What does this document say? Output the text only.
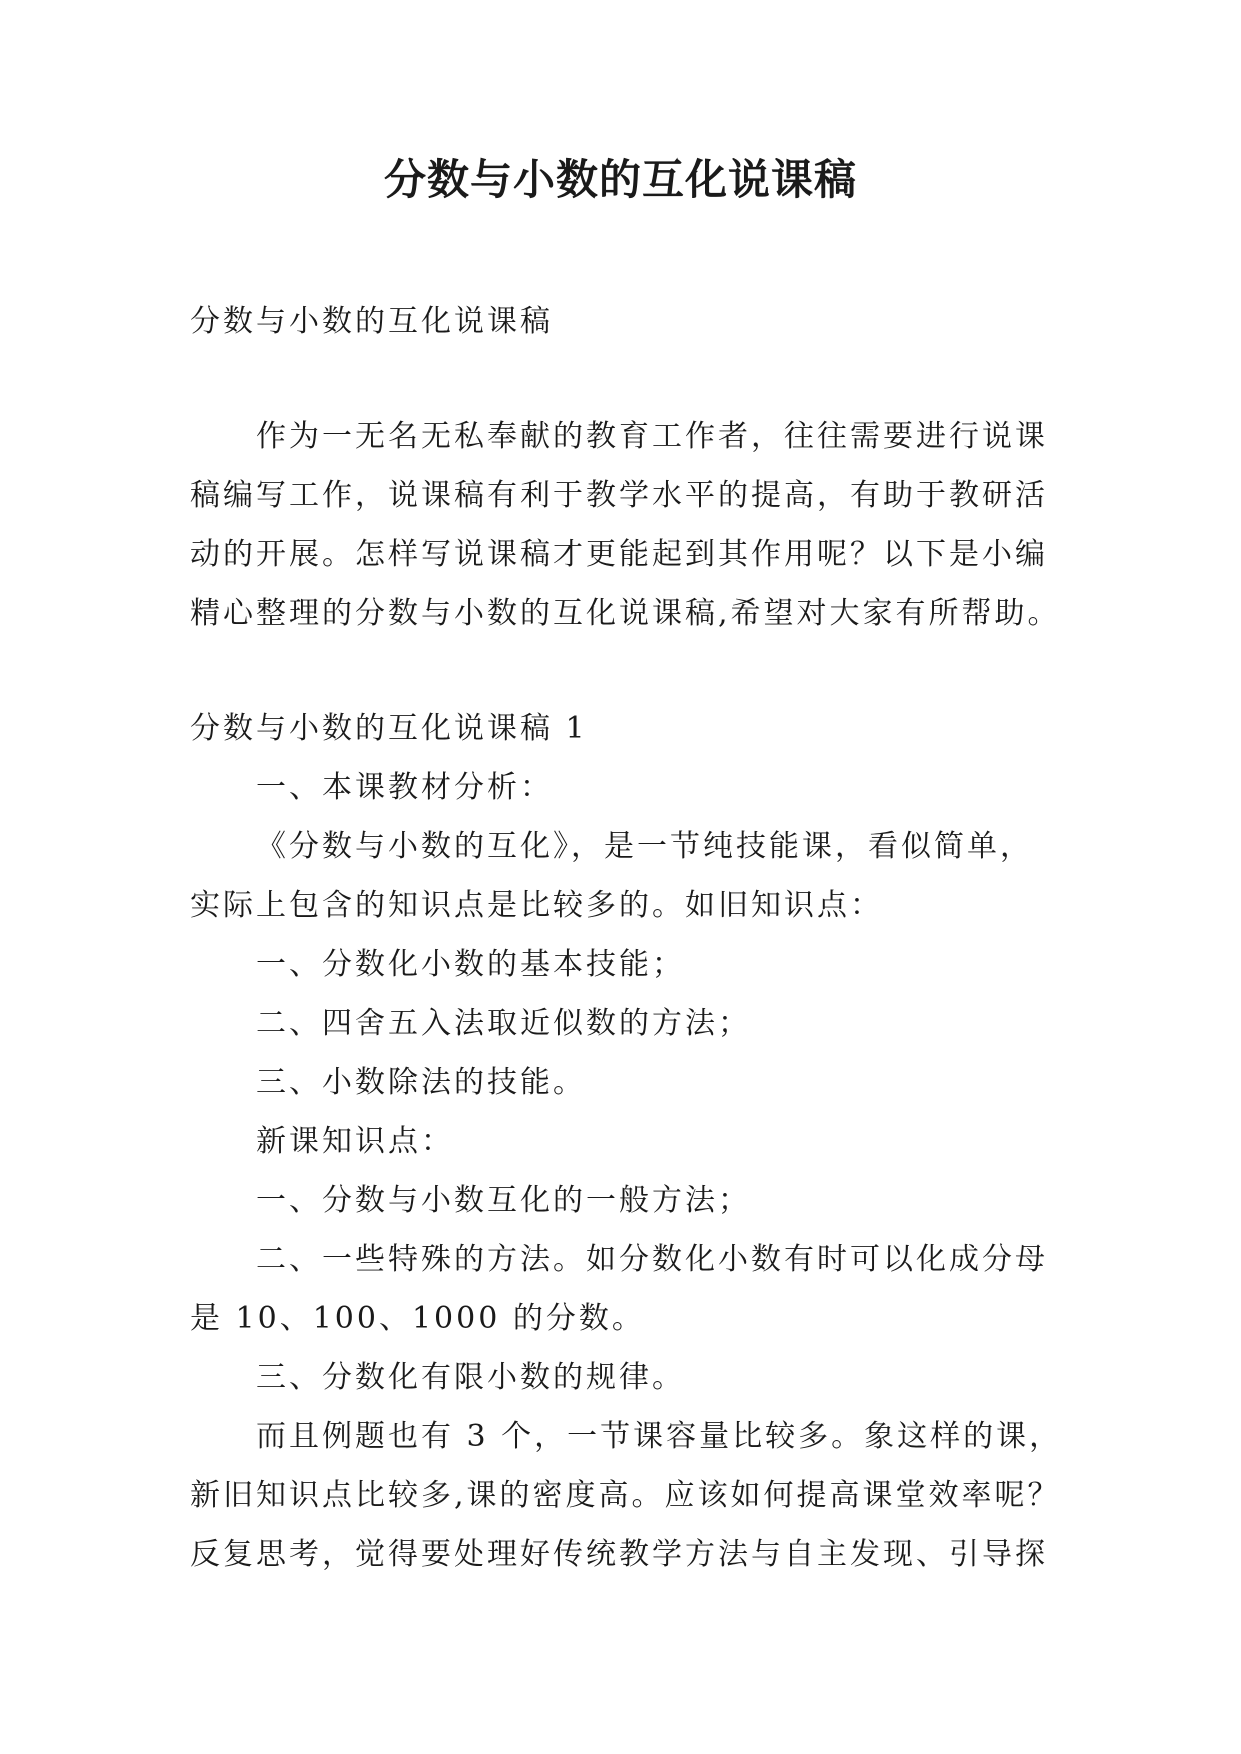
分数与小数的互化说课稿

分数与小数的互化说课稿

作为一无名无私奉献的教育工作者，往往需要进行说课

稿编写工作，说课稿有利于教学水平的提高，有助于教研活

动的开展。怎样写说课稿才更能起到其作用呢？以下是小编

精心整理的分数与小数的互化说课稿,希望对大家有所帮助。

分数与小数的互化说课稿 1

一、本课教材分析：

《分数与小数的互化》，是一节纯技能课，看似简单，

实际上包含的知识点是比较多的。如旧知识点：

一、分数化小数的基本技能；

二、四舍五入法取近似数的方法；

三、小数除法的技能。

新课知识点：

一、分数与小数互化的一般方法；

二、一些特殊的方法。如分数化小数有时可以化成分母

是 10、100、1000 的分数。

三、分数化有限小数的规律。

而且例题也有 3 个，一节课容量比较多。象这样的课，

新旧知识点比较多,课的密度高。应该如何提高课堂效率呢？

反复思考，觉得要处理好传统教学方法与自主发现、引导探
